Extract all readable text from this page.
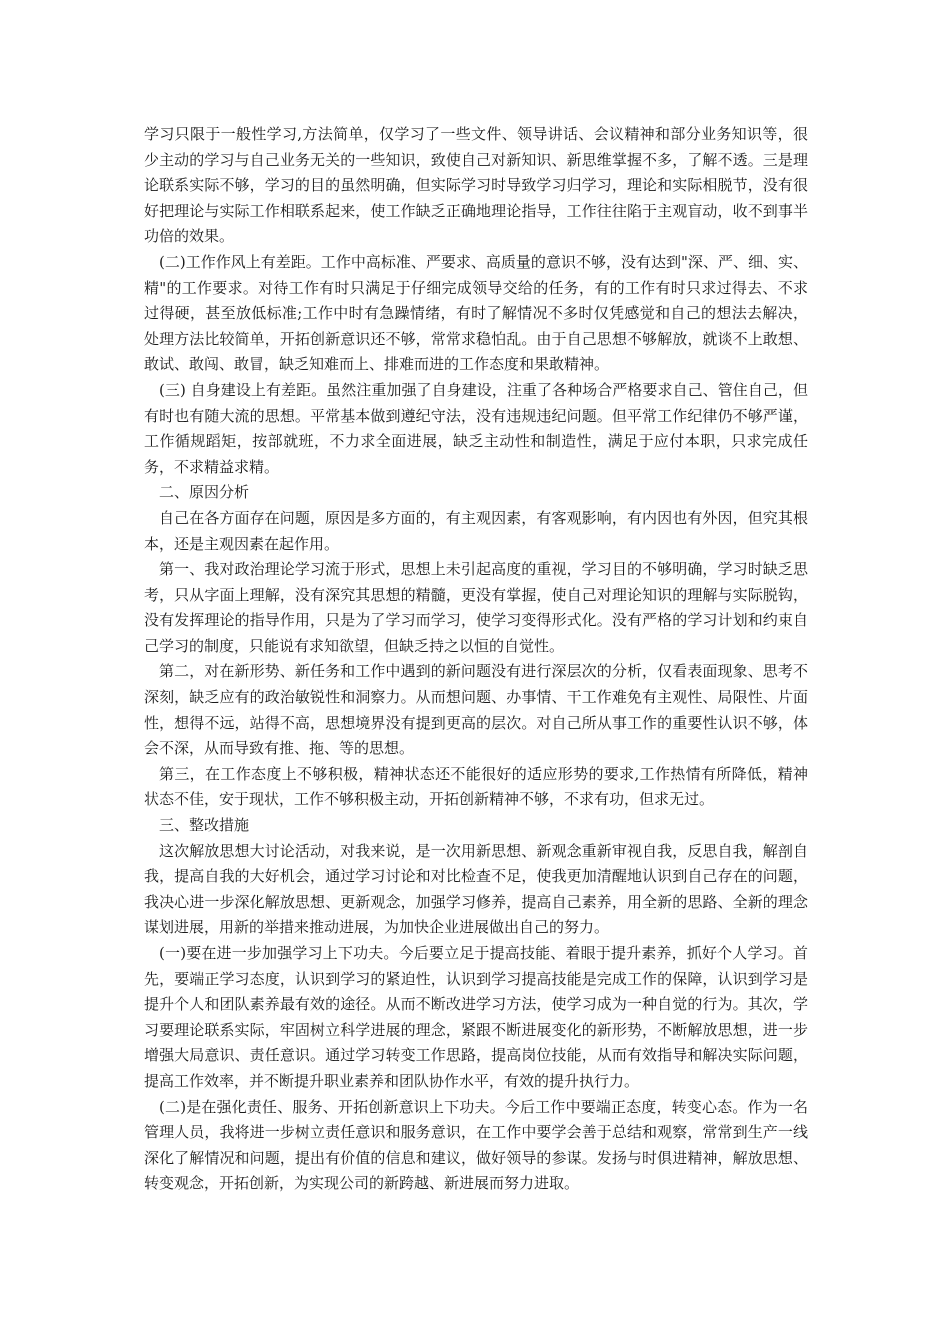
学习只限于一般性学习,方法简单，仅学习了一些文件、领导讲话、会议精神和部分业务知识等，很少主动的学习与自己业务无关的一些知识，致使自己对新知识、新思维掌握不多，了解不透。三是理论联系实际不够，学习的目的虽然明确，但实际学习时导致学习归学习，理论和实际相脱节，没有很好把理论与实际工作相联系起来，使工作缺乏正确地理论指导，工作往往陷于主观盲动，收不到事半功倍的效果。

(二)工作作风上有差距。工作中高标准、严要求、高质量的意识不够，没有达到"深、严、细、实、精"的工作要求。对待工作有时只满足于仔细完成领导交给的任务，有的工作有时只求过得去、不求过得硬，甚至放低标准;工作中时有急躁情绪，有时了解情况不多时仅凭感觉和自己的想法去解决，处理方法比较简单，开拓创新意识还不够，常常求稳怕乱。由于自己思想不够解放，就谈不上敢想、敢试、敢闯、敢冒，缺乏知难而上、排难而进的工作态度和果敢精神。

(三) 自身建设上有差距。虽然注重加强了自身建设，注重了各种场合严格要求自己、管住自己，但有时也有随大流的思想。平常基本做到遵纪守法，没有违规违纪问题。但平常工作纪律仍不够严谨，工作循规蹈矩，按部就班，不力求全面进展，缺乏主动性和制造性，满足于应付本职，只求完成任务，不求精益求精。

二、原因分析

自己在各方面存在问题，原因是多方面的，有主观因素，有客观影响，有内因也有外因，但究其根本，还是主观因素在起作用。

第一、我对政治理论学习流于形式，思想上未引起高度的重视，学习目的不够明确，学习时缺乏思考，只从字面上理解，没有深究其思想的精髓，更没有掌握，使自己对理论知识的理解与实际脱钩，没有发挥理论的指导作用，只是为了学习而学习，使学习变得形式化。没有严格的学习计划和约束自己学习的制度，只能说有求知欲望，但缺乏持之以恒的自觉性。

第二，对在新形势、新任务和工作中遇到的新问题没有进行深层次的分析，仅看表面现象、思考不深刻，缺乏应有的政治敏锐性和洞察力。从而想问题、办事情、干工作难免有主观性、局限性、片面性，想得不远，站得不高，思想境界没有提到更高的层次。对自己所从事工作的重要性认识不够，体会不深，从而导致有推、拖、等的思想。

第三，在工作态度上不够积极，精神状态还不能很好的适应形势的要求,工作热情有所降低，精神状态不佳，安于现状，工作不够积极主动，开拓创新精神不够，不求有功，但求无过。

三、整改措施

这次解放思想大讨论活动，对我来说，是一次用新思想、新观念重新审视自我，反思自我，解剖自我，提高自我的大好机会，通过学习讨论和对比检查不足，使我更加清醒地认识到自己存在的问题，我决心进一步深化解放思想、更新观念，加强学习修养，提高自己素养，用全新的思路、全新的理念谋划进展，用新的举措来推动进展，为加快企业进展做出自己的努力。

(一)要在进一步加强学习上下功夫。今后要立足于提高技能、着眼于提升素养，抓好个人学习。首先，要端正学习态度，认识到学习的紧迫性，认识到学习提高技能是完成工作的保障，认识到学习是提升个人和团队素养最有效的途径。从而不断改进学习方法，使学习成为一种自觉的行为。其次，学习要理论联系实际，牢固树立科学进展的理念，紧跟不断进展变化的新形势，不断解放思想，进一步增强大局意识、责任意识。通过学习转变工作思路，提高岗位技能，从而有效指导和解决实际问题，提高工作效率，并不断提升职业素养和团队协作水平，有效的提升执行力。

(二)是在强化责任、服务、开拓创新意识上下功夫。今后工作中要端正态度，转变心态。作为一名管理人员，我将进一步树立责任意识和服务意识，在工作中要学会善于总结和观察，常常到生产一线深化了解情况和问题，提出有价值的信息和建议，做好领导的参谋。发扬与时俱进精神，解放思想、转变观念，开拓创新，为实现公司的新跨越、新进展而努力进取。
